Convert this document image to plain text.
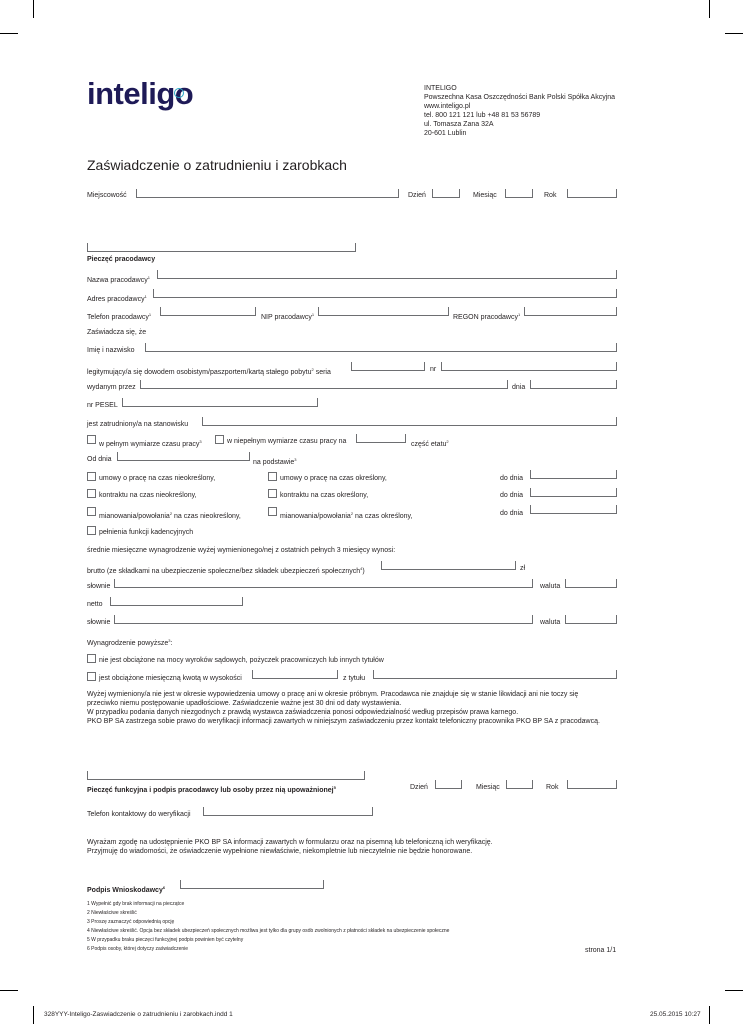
inteligo	INTELIGO
Powszechna Kasa Oszczędności Bank Polski Spółka Akcyjna
www.inteligo.pl
tel. 800 121 121 lub +48 81 53 56789
ul. Tomasza Zana 32A
20-601 Lublin
Zaświadczenie o zatrudnieniu i zarobkach
Miejscowość	Dzień	Miesiąc	Rok
Pieczęć pracodawcy
Nazwa pracodawcy$^1$
Adres pracodawcy$^1$
Telefon pracodawcy$^1$	NIP pracodawcy$^1$	REGON pracodawcy$^1$
Zaświadcza się, że
Imię i nazwisko
legitymujący/a się dowodem osobistym/paszportem/kartą stałego pobytu$^2$ seria	nr
wydanym przez	dnia
nr PESEL
jest zatrudniony/a na stanowisku
w pełnym wymiarze czasu pracy$^3$	w niepełnym wymiarze czasu pracy na	część etatu$^2$
Od dnia	na podstawie$^3$
umowy o pracę na czas nieokreślony,	umowy o pracę na czas określony,	do dnia
kontraktu na czas nieokreślony,	kontraktu na czas określony,	do dnia
mianowania/powołania$^2$ na czas nieokreślony,	mianowania/powołania$^2$ na czas określony,	do dnia
pełnienia funkcji kadencyjnych
średnie miesięczne wynagrodzenie wyżej wymienionego/nej z ostatnich pełnych 3 miesięcy wynosi:
brutto (ze składkami na ubezpieczenie społeczne/bez składek ubezpieczeń społecznych$^4$)	zł
słownie	waluta
netto
słownie	waluta
Wynagrodzenie powyższe$^3$:
nie jest obciążone na mocy wyroków sądowych, pożyczek pracowniczych lub innych tytułów
jest obciążone miesięczną kwotą w wysokości	z tytułu
Wyżej wymieniony/a nie jest w okresie wypowiedzenia umowy o pracę ani w okresie próbnym. Pracodawca nie znajduje się w stanie likwidacji ani nie toczy się
przeciwko niemu postępowanie upadłościowe. Zaświadczenie ważne jest 30 dni od daty wystawienia.
W przypadku podania danych niezgodnych z prawdą wystawca zaświadczenia ponosi odpowiedzialność według przepisów prawa karnego.
PKO BP SA zastrzega sobie prawo do weryfikacji informacji zawartych w niniejszym zaświadczeniu przez kontakt telefoniczny pracownika PKO BP SA z pracodawcą.
Pieczęć funkcyjna i podpis pracodawcy lub osoby przez nią upoważnionej$^5$	Dzień	Miesiąc	Rok
Telefon kontaktowy do weryfikacji
Wyrażam zgodę na udostępnienie PKO BP SA informacji zawartych w formularzu oraz na pisemną lub telefoniczną ich weryfikację.
Przyjmuję do wiadomości, że oświadczenie wypełnione niewłaściwie, niekompletnie lub nieczytelnie nie będzie honorowane.
Podpis Wnioskodawcy$^6$
1 Wypełnić gdy brak informacji na pieczątce
2 Niewłaściwe skreślić
3 Proszę zaznaczyć odpowiednią opcję
4 Niewłaściwe skreślić. Opcja bez składek ubezpieczeń społecznych możliwa jest tylko dla grupy osób zwolnionych z płatności składek na ubezpieczenie społeczne
5 W przypadku braku pieczęci funkcyjnej podpis powinien być czytelny
6 Podpis osoby, której dotyczy zaświadczenie	strona 1/1
328YYY-Inteligo-Zaswiadczenie o zatrudnieniu i zarobkach.indd 1	25.05.2015 10:27
